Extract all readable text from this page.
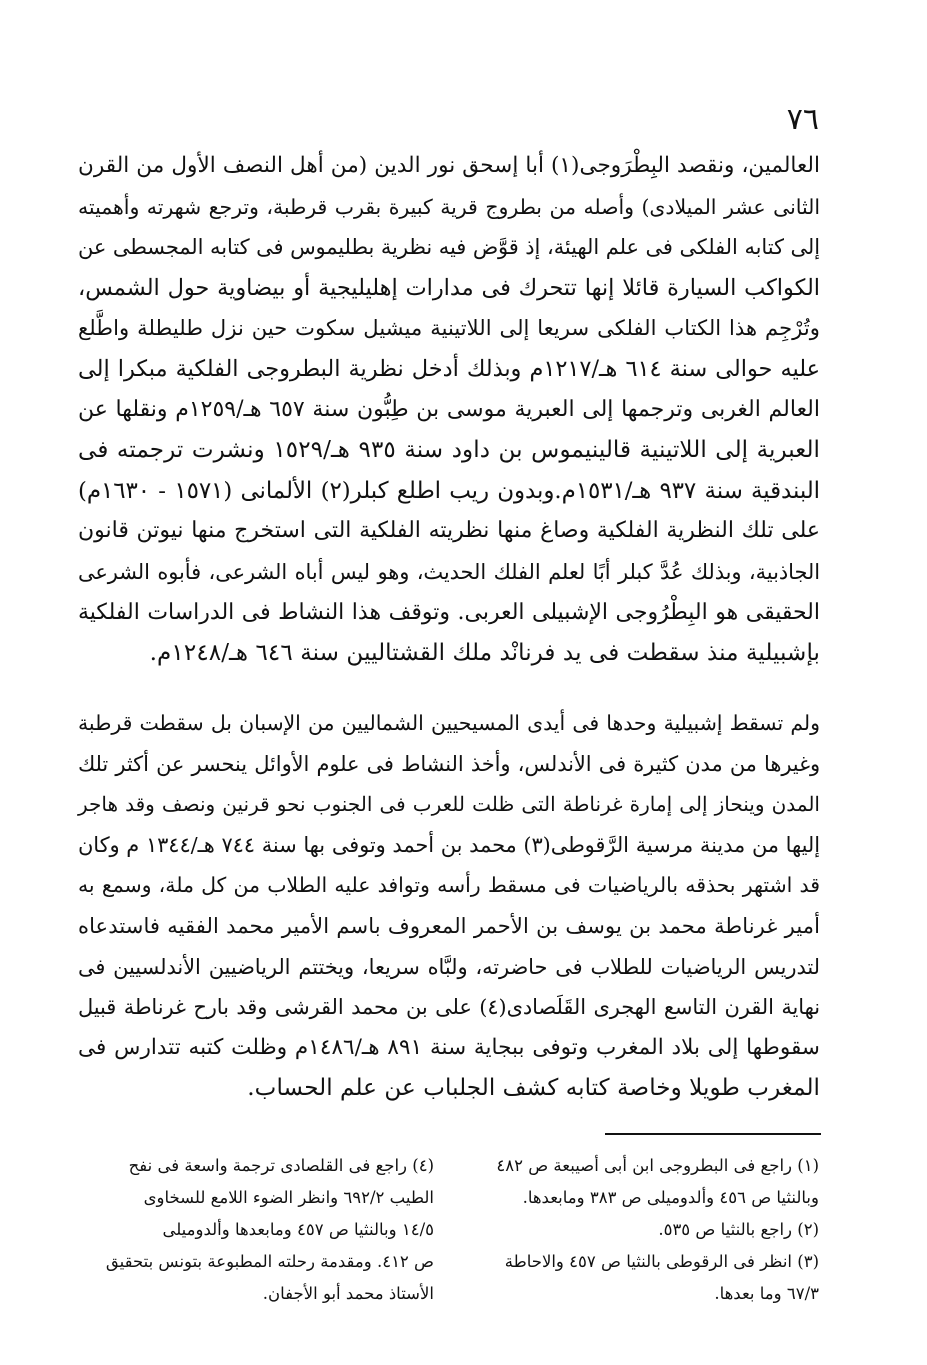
٧٦
العالمين، ونقصد البِطْرَوجى(١) أبا إسحق نور الدين (من أهل النصف الأول من القرن
الثانى عشر الميلادى) وأصله من بطروج قرية كبيرة بقرب قرطبة، وترجع شهرته وأهميته
إلى كتابه الفلكى فى علم الهيئة، إذ قوَّض فيه نظرية بطليموس فى كتابه المجسطى عن
الكواكب السيارة قائلا إنها تتحرك فى مدارات إهليليجية أو بيضاوية حول الشمس،
وتُرْجِم هذا الكتاب الفلكى سريعا إلى اللاتينية ميشيل سكوت حين نزل طليطلة واطَّلع
عليه حوالى سنة ٦١٤ هـ/١٢١٧م وبذلك أدخل نظرية البطروجى الفلكية مبكرا إلى
العالم الغربى وترجمها إلى العبرية موسى بن طِبُّون سنة ٦٥٧ هـ/١٢٥٩م ونقلها عن
العبرية إلى اللاتينية قالينيموس بن داود سنة ٩٣٥ هـ/١٥٢٩ ونشرت ترجمته فى
البندقية سنة ٩٣٧ هـ/١٥٣١م.وبدون ريب اطلع كبلر(٢) الألمانى (١٥٧١ - ١٦٣٠م)
على تلك النظرية الفلكية وصاغ منها نظريته الفلكية التى استخرج منها نيوتن قانون
الجاذبية، وبذلك عُدَّ كبلر أبًا لعلم الفلك الحديث، وهو ليس أباه الشرعى، فأبوه الشرعى
الحقيقى هو البِطْرُوجى الإشبيلى العربى. وتوقف هذا النشاط فى الدراسات الفلكية
بإشبيلية منذ سقطت فى يد فرنانْد ملك القشتاليين سنة ٦٤٦ هـ/١٢٤٨م.
ولم تسقط إشبيلية وحدها فى أيدى المسيحيين الشماليين من الإسبان بل سقطت قرطبة
وغيرها من مدن كثيرة فى الأندلس، وأخذ النشاط فى علوم الأوائل ينحسر عن أكثر تلك
المدن وينحاز إلى إمارة غرناطة التى ظلت للعرب فى الجنوب نحو قرنين ونصف وقد هاجر
إليها من مدينة مرسية الرَّقوطى(٣) محمد بن أحمد وتوفى بها سنة ٧٤٤ هـ/١٣٤٤ م وكان
قد اشتهر بحذقه بالرياضيات فى مسقط رأسه وتوافد عليه الطلاب من كل ملة، وسمع به
أمير غرناطة محمد بن يوسف بن الأحمر المعروف باسم الأمير محمد الفقيه فاستدعاه
لتدريس الرياضيات للطلاب فى حاضرته، ولبَّاه سريعا، ويختتم الرياضيين الأندلسيين فى
نهاية القرن التاسع الهجرى القَلَصادى(٤) على بن محمد القرشى وقد بارح غرناطة قبيل
سقوطها إلى بلاد المغرب وتوفى ببجاية سنة ٨٩١ هـ/١٤٨٦م وظلت كتبه تتدارس فى
المغرب طويلا وخاصة كتابه كشف الجلباب عن علم الحساب.
(١) راجع فى البطروجى ابن أبى أصيبعة ص ٤٨٢
وبالنثيا ص ٤٥٦ وألدوميلى ص ٣٨٣ ومابعدها.
(٢) راجع بالنثيا ص ٥٣٥.
(٣) انظر فى الرقوطى بالنثيا ص ٤٥٧ والاحاطة
٦٧/٣ وما بعدها.
(٤) راجع فى القلصادى ترجمة واسعة فى نفح
الطيب ٦٩٢/٢ وانظر الضوء اللامع للسخاوى
١٤/٥ وبالنثيا ص ٤٥٧ ومابعدها وألدوميلى
ص ٤١٢. ومقدمة رحلته المطبوعة بتونس بتحقيق
الأستاذ محمد أبو الأجفان.
